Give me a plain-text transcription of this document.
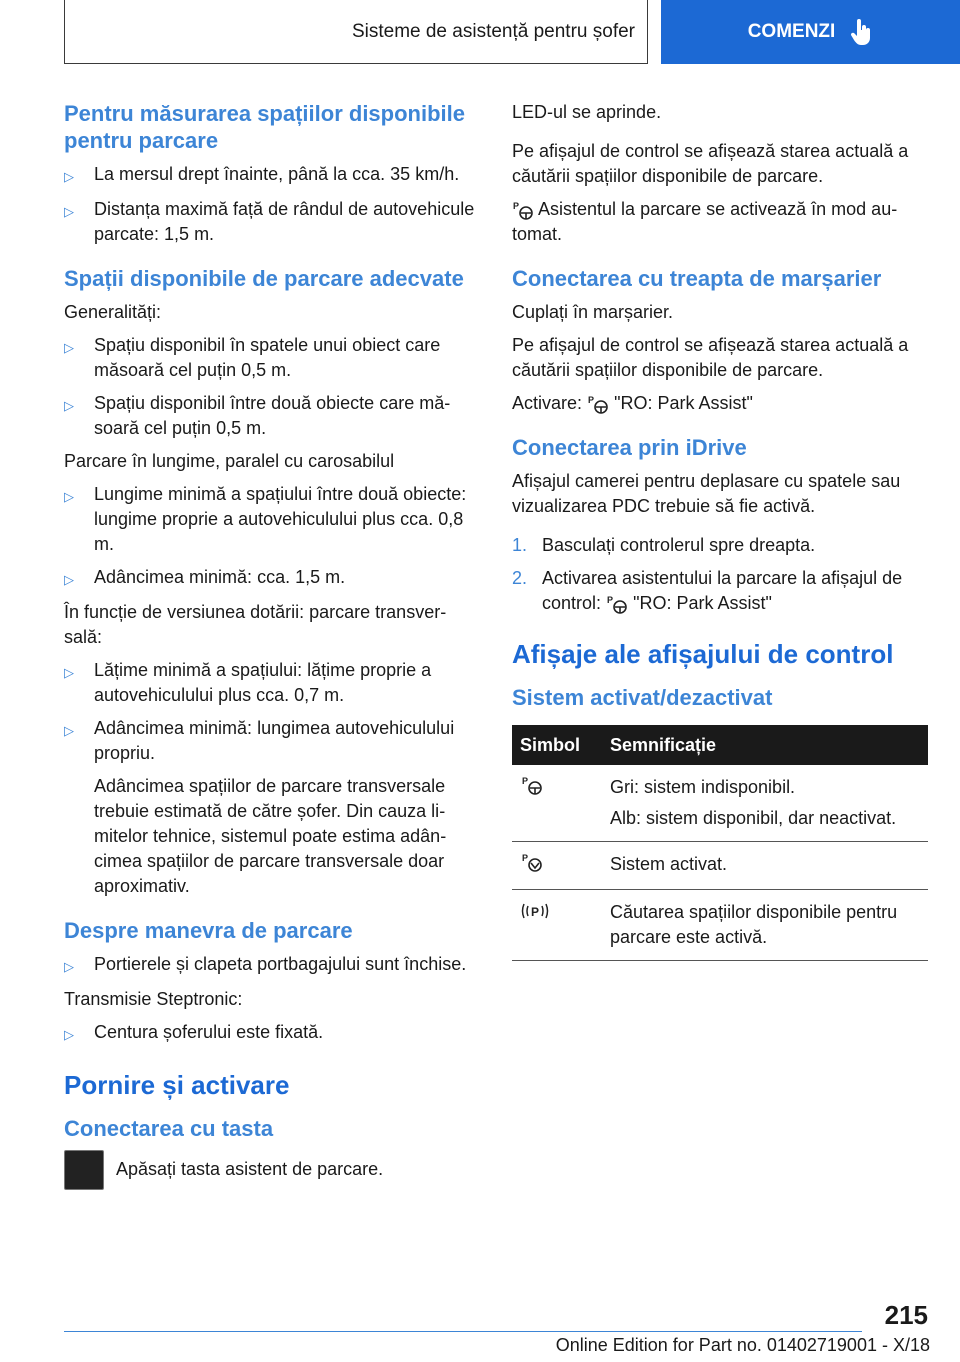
Sisteme de asistență pentru șofer	COMENZI
Pentru măsurarea spațiilor disponibile pentru parcare
▷	La mersul drept înainte, până la cca. 35 km/h.
▷	Distanța maximă față de rândul de autovehicule parcate: 1,5 m.
Spații disponibile de parcare adecvate

Generalități:

▷	Spațiu disponibil în spatele unui obiect care măsoară cel puțin 0,5 m.
▷	Spațiu disponibil între două obiecte care măsoară cel puțin 0,5 m.

Parcare în lungime, paralel cu carosabilul

▷	Lungime minimă a spațiului între două obiecte: lungime proprie a autovehiculului plus cca. 0,8 m.
▷	Adâncimea minimă: cca. 1,5 m.

În funcție de versiunea dotării: parcare transversală:

▷	Lățime minimă a spațiului: lățime proprie a autovehiculului plus cca. 0,7 m.
▷	Adâncimea minimă: lungimea autovehiculului propriu.

Adâncimea spațiilor de parcare transversale trebuie estimată de către șofer. Din cauza limitelor tehnice, sistemul poate estima adâncimea spațiilor de parcare transversale doar aproximativ.

Despre manevra de parcare
▷	Portierele și clapeta portbagajului sunt închise.

Transmisie Steptronic:

▷	Centura șoferului este fixată.
Pornire și activare
Conectarea cu tasta

Apăsați tasta asistent de parcare.

LED-ul se aprinde.

Pe afișajul de control se afișează starea actuală a căutării spațiilor disponibile de parcare.

P Asistentul la parcare se activează în mod automat.

Conectarea cu treapta de marșarier

Cuplați în marșarier.

Pe afișajul de control se afișează starea actuală a căutării spațiilor disponibile de parcare.

Activare: P "RO: Park Assist"

Conectarea prin iDrive

Afișajul camerei pentru deplasare cu spatele sau vizualizarea PDC trebuie să fie activă.

1. Basculați controlerul spre dreapta.
2. Activarea asistentului la parcare la afișajul de control: P "RO: Park Assist"
Afișaje ale afișajului de control
Sistem activat/dezactivat
Simbol	Semnificație

P	Gri: sistem indisponibil.
Alb: sistem disponibil, dar neactivat.

P	Sistem activat.

P	Căutarea spațiilor disponibile pentru parcare este activă.
215
Online Edition for Part no. 01402719001 - X/18
